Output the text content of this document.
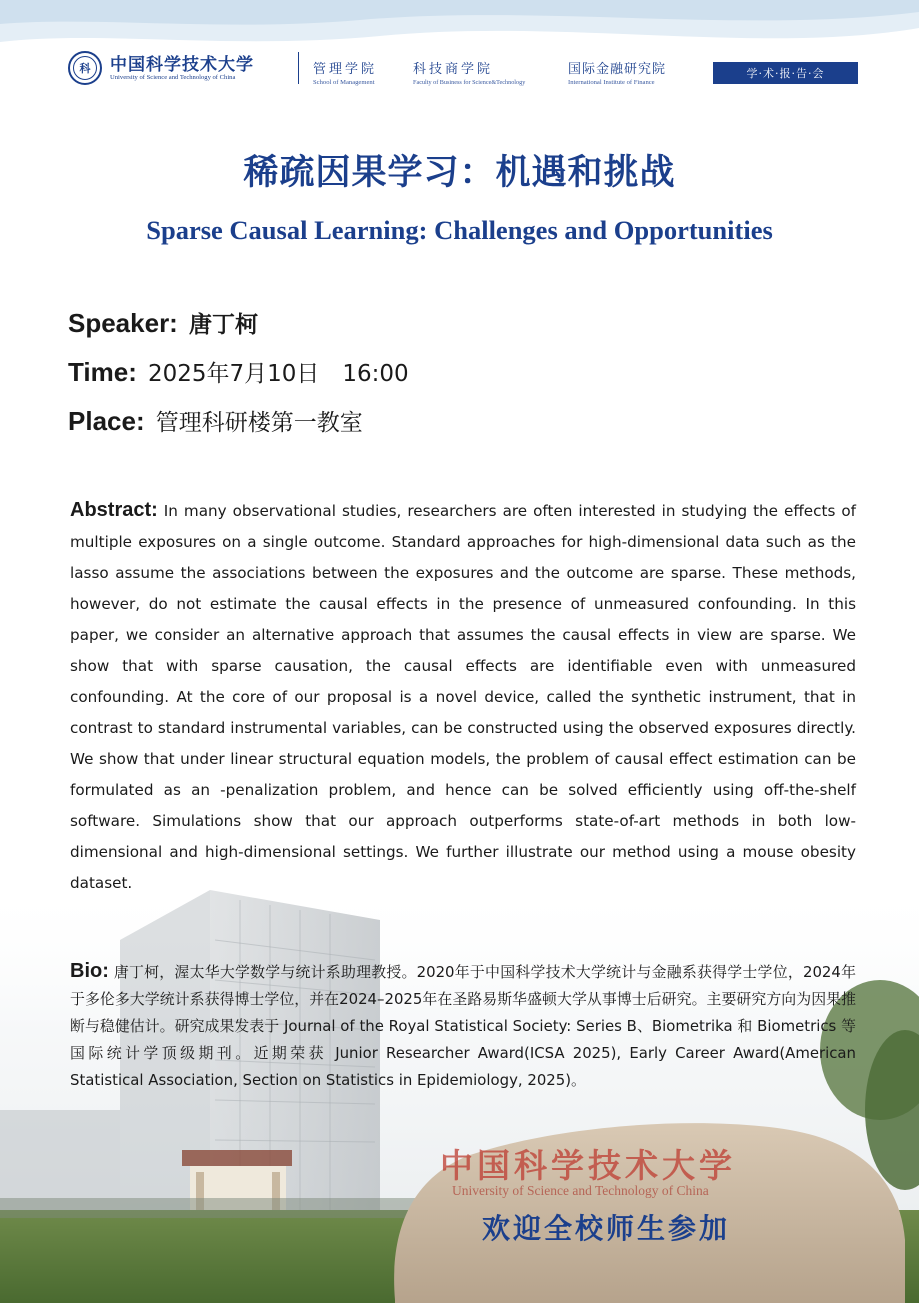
科	中国科学技术大学
University of Science and Technology of China
管理学院
School of Management
科技商学院
Faculty of Business for Science&Technology
国际金融研究院
International Institute of Finance
学·术·报·告·会
稀疏因果学习：机遇和挑战
Sparse Causal Learning: Challenges and Opportunities
Speaker: 唐丁柯
Time: 2025年7月10日　16:00
Place: 管理科研楼第一教室
Abstract: In many observational studies, researchers are often interested in studying the effects of multiple exposures on a single outcome. Standard approaches for high-dimensional data such as the lasso assume the associations between the exposures and the outcome are sparse. These methods, however, do not estimate the causal effects in the presence of unmeasured confounding. In this paper, we consider an alternative approach that assumes the causal effects in view are sparse. We show that with sparse causation, the causal effects are identifiable even with unmeasured confounding. At the core of our proposal is a novel device, called the synthetic instrument, that in contrast to standard instrumental variables, can be constructed using the observed exposures directly. We show that under linear structural equation models, the problem of causal effect estimation can be formulated as an -penalization problem, and hence can be solved efficiently using off-the-shelf software. Simulations show that our approach outperforms state-of-art methods in both low-dimensional and high-dimensional settings. We further illustrate our method using a mouse obesity dataset.
Bio: 唐丁柯，渥太华大学数学与统计系助理教授。2020年于中国科学技术大学统计与金融系获得学士学位，2024年于多伦多大学统计系获得博士学位，并在2024–2025年在圣路易斯华盛顿大学从事博士后研究。主要研究方向为因果推断与稳健估计。研究成果发表于 Journal of the Royal Statistical Society: Series B、Biometrika 和 Biometrics 等国际统计学顶级期刊。近期荣获 Junior Researcher Award(ICSA 2025), Early Career Award(American Statistical Association, Section on Statistics in Epidemiology, 2025)。
中国科学技术大学
University of Science and Technology of China
欢迎全校师生参加
